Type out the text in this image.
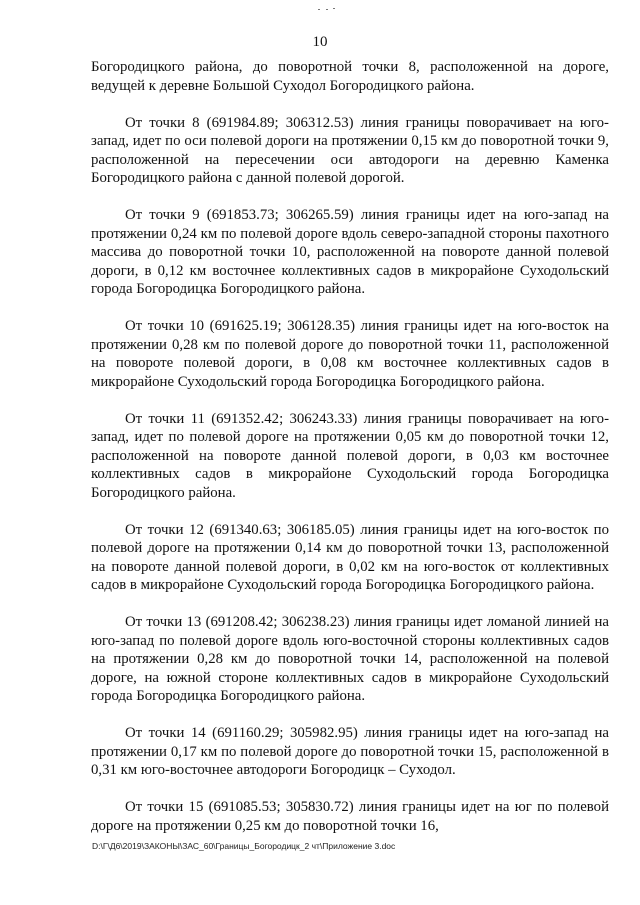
10

Богородицкого района, до поворотной точки 8, расположенной на дороге, ведущей к деревне Большой Суходол Богородицкого района.

От точки 8 (691984.89; 306312.53) линия границы поворачивает на юго-запад, идет по оси полевой дороги на протяжении 0,15 км до поворотной точки 9, расположенной на пересечении оси автодороги на деревню Каменка Богородицкого района с данной полевой дорогой.

От точки 9 (691853.73; 306265.59) линия границы идет на юго-запад на протяжении 0,24 км по полевой дороге вдоль северо-западной стороны пахотного массива до поворотной точки 10, расположенной на повороте данной полевой дороги, в 0,12 км восточнее коллективных садов в микрорайоне Суходольский города Богородицка Богородицкого района.

От точки 10 (691625.19; 306128.35) линия границы идет на юго-восток на протяжении 0,28 км по полевой дороге до поворотной точки 11, расположенной на повороте полевой дороги, в 0,08 км восточнее коллективных садов в микрорайоне Суходольский города Богородицка Богородицкого района.

От точки 11 (691352.42; 306243.33) линия границы поворачивает на юго-запад, идет по полевой дороге на протяжении 0,05 км до поворотной точки 12, расположенной на повороте данной полевой дороги, в 0,03 км восточнее коллективных садов в микрорайоне Суходольский города Богородицка Богородицкого района.

От точки 12 (691340.63; 306185.05) линия границы идет на юго-восток по полевой дороге на протяжении 0,14 км до поворотной точки 13, расположенной на повороте данной полевой дороги, в 0,02 км на юго-восток от коллективных садов в микрорайоне Суходольский города Богородицка Богородицкого района.

От точки 13 (691208.42; 306238.23) линия границы идет ломаной линией на юго-запад по полевой дороге вдоль юго-восточной стороны коллективных садов на протяжении 0,28 км до поворотной точки 14, расположенной на полевой дороге, на южной стороне коллективных садов в микрорайоне Суходольский города Богородицка Богородицкого района.

От точки 14 (691160.29; 305982.95) линия границы идет на юго-запад на протяжении 0,17 км по полевой дороге до поворотной точки 15, расположенной в 0,31 км юго-восточнее автодороги Богородицк – Суходол.

От точки 15 (691085.53; 305830.72) линия границы идет на юг по полевой дороге на протяжении 0,25 км до поворотной точки 16,

D:\Г\Д6\2019\ЗАКОНЫ\ЗАС_60\Границы_Богородицк_2 чт\Приложение 3.doc
